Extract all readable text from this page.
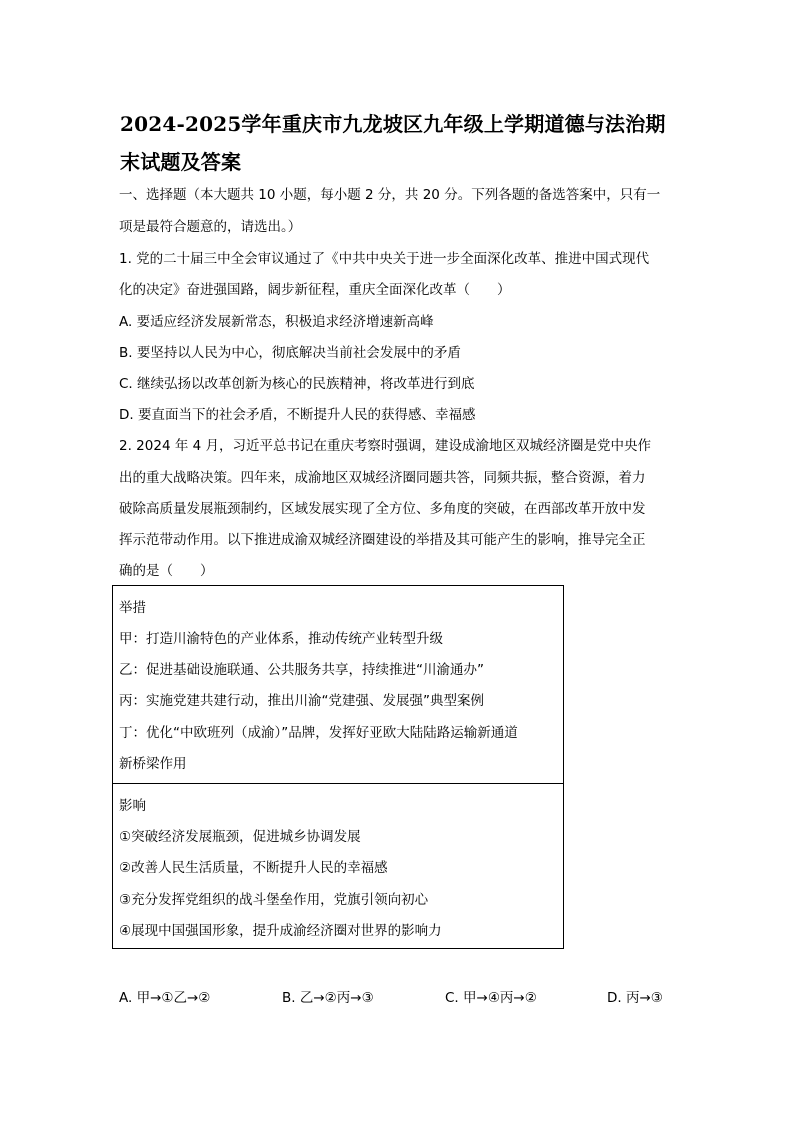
2024-2025学年重庆市九龙坡区九年级上学期道德与法治期
末试题及答案
一、选择题（本大题共 10 小题，每小题 2 分，共 20 分。下列各题的备选答案中，只有一
项是最符合题意的，请选出。）
1. 党的二十届三中全会审议通过了《中共中央关于进一步全面深化改革、推进中国式现代
化的决定》奋进强国路，阔步新征程，重庆全面深化改革（　　）
A. 要适应经济发展新常态，积极追求经济增速新高峰
B. 要坚持以人民为中心，彻底解决当前社会发展中的矛盾
C. 继续弘扬以改革创新为核心的民族精神，将改革进行到底
D. 要直面当下的社会矛盾，不断提升人民的获得感、幸福感
2. 2024 年 4 月，习近平总书记在重庆考察时强调，建设成渝地区双城经济圈是党中央作
出的重大战略决策。四年来，成渝地区双城经济圈同题共答，同频共振，整合资源，着力
破除高质量发展瓶颈制约，区域发展实现了全方位、多角度的突破，在西部改革开放中发
挥示范带动作用。以下推进成渝双城经济圈建设的举措及其可能产生的影响，推导完全正
确的是（　　）
举措
甲：打造川渝特色的产业体系，推动传统产业转型升级
乙：促进基础设施联通、公共服务共享，持续推进“川渝通办”
丙：实施党建共建行动，推出川渝“党建强、发展强”典型案例
丁：优化“中欧班列（成渝）”品牌，发挥好亚欧大陆陆路运输新通道
新桥梁作用
影响
①突破经济发展瓶颈，促进城乡协调发展
②改善人民生活质量，不断提升人民的幸福感
③充分发挥党组织的战斗堡垒作用，党旗引领向初心
④展现中国强国形象，提升成渝经济圈对世界的影响力
A. 甲→①乙→②	B. 乙→②丙→③	C. 甲→④丙→②	D. 丙→③
